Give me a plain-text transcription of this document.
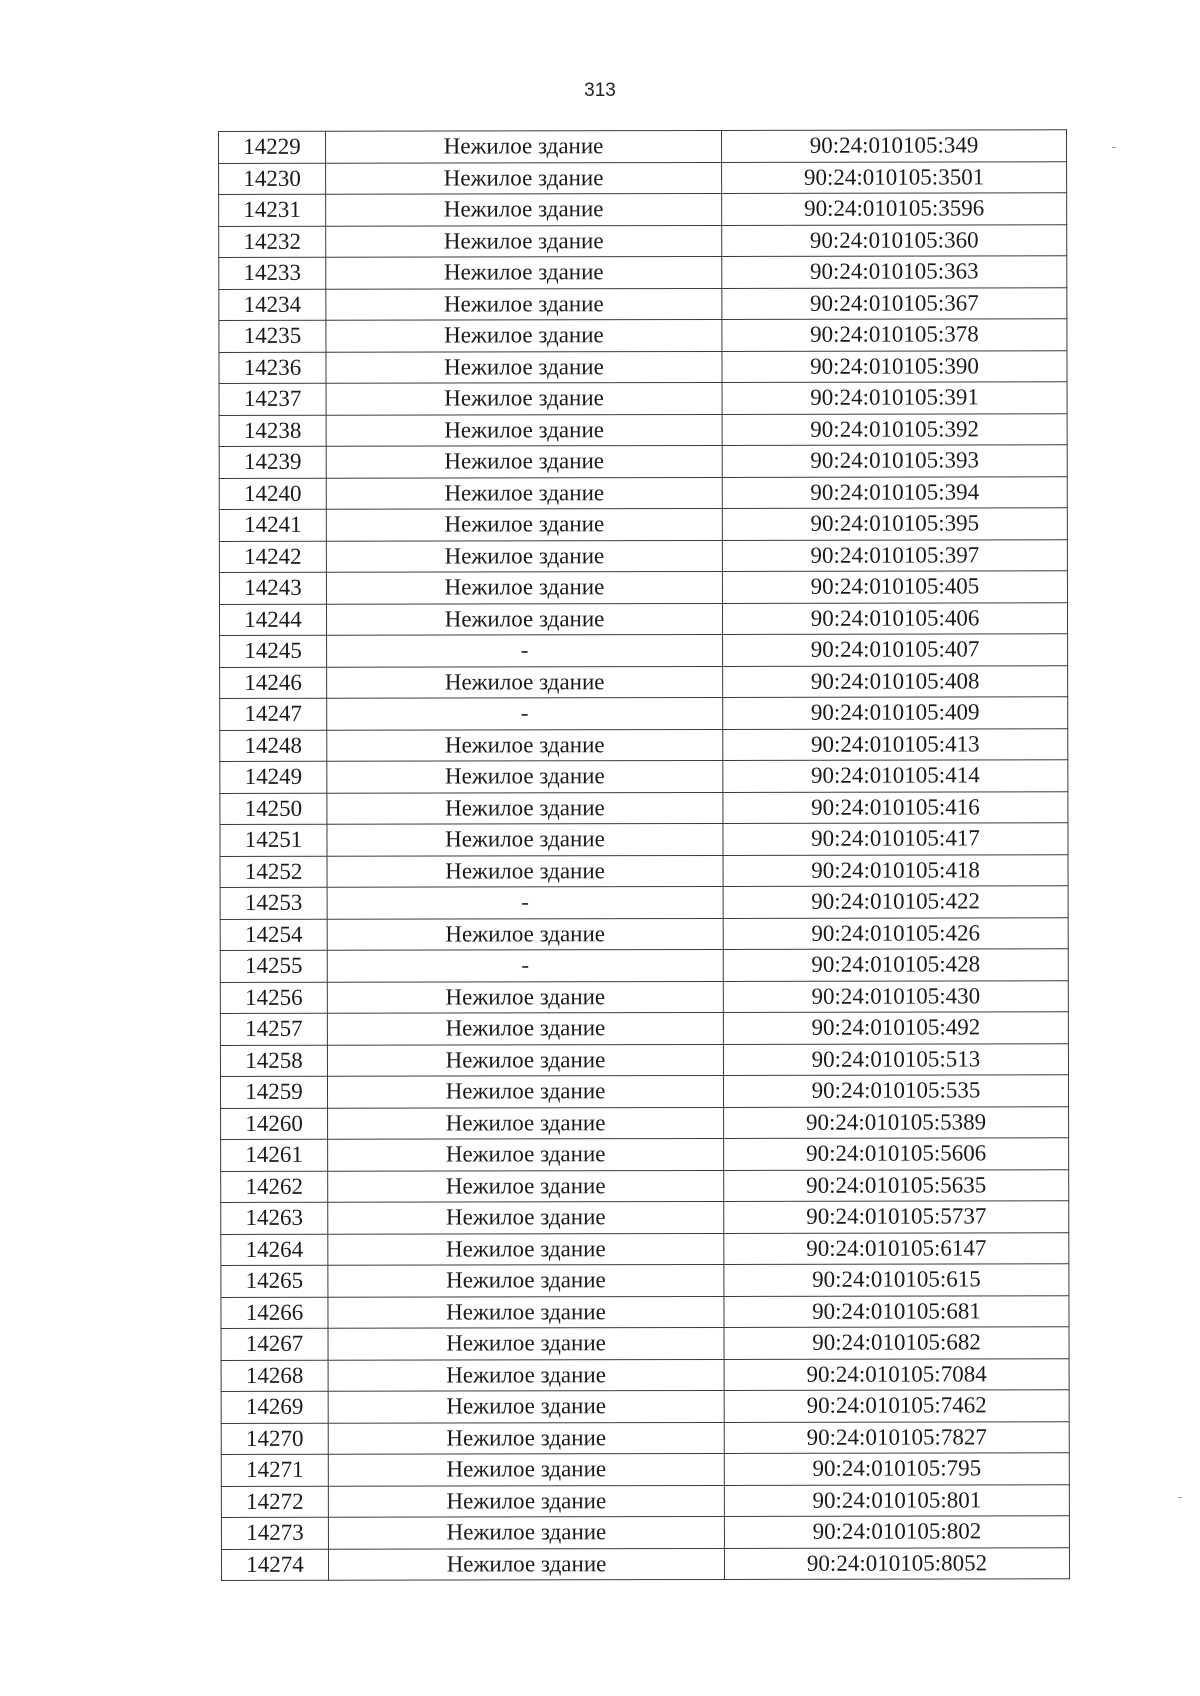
313
14229	Нежилое здание	90:24:010105:349
14230	Нежилое здание	90:24:010105:3501
14231	Нежилое здание	90:24:010105:3596
14232	Нежилое здание	90:24:010105:360
14233	Нежилое здание	90:24:010105:363
14234	Нежилое здание	90:24:010105:367
14235	Нежилое здание	90:24:010105:378
14236	Нежилое здание	90:24:010105:390
14237	Нежилое здание	90:24:010105:391
14238	Нежилое здание	90:24:010105:392
14239	Нежилое здание	90:24:010105:393
14240	Нежилое здание	90:24:010105:394
14241	Нежилое здание	90:24:010105:395
14242	Нежилое здание	90:24:010105:397
14243	Нежилое здание	90:24:010105:405
14244	Нежилое здание	90:24:010105:406
14245	-	90:24:010105:407
14246	Нежилое здание	90:24:010105:408
14247	-	90:24:010105:409
14248	Нежилое здание	90:24:010105:413
14249	Нежилое здание	90:24:010105:414
14250	Нежилое здание	90:24:010105:416
14251	Нежилое здание	90:24:010105:417
14252	Нежилое здание	90:24:010105:418
14253	-	90:24:010105:422
14254	Нежилое здание	90:24:010105:426
14255	-	90:24:010105:428
14256	Нежилое здание	90:24:010105:430
14257	Нежилое здание	90:24:010105:492
14258	Нежилое здание	90:24:010105:513
14259	Нежилое здание	90:24:010105:535
14260	Нежилое здание	90:24:010105:5389
14261	Нежилое здание	90:24:010105:5606
14262	Нежилое здание	90:24:010105:5635
14263	Нежилое здание	90:24:010105:5737
14264	Нежилое здание	90:24:010105:6147
14265	Нежилое здание	90:24:010105:615
14266	Нежилое здание	90:24:010105:681
14267	Нежилое здание	90:24:010105:682
14268	Нежилое здание	90:24:010105:7084
14269	Нежилое здание	90:24:010105:7462
14270	Нежилое здание	90:24:010105:7827
14271	Нежилое здание	90:24:010105:795
14272	Нежилое здание	90:24:010105:801
14273	Нежилое здание	90:24:010105:802
14274	Нежилое здание	90:24:010105:8052
